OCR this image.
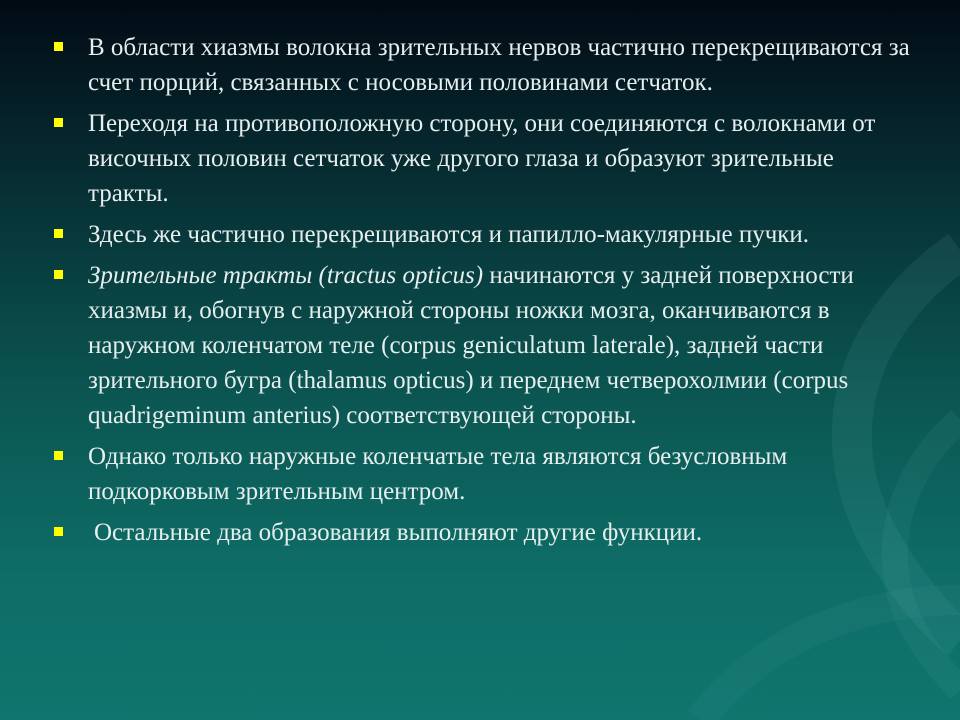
В области хиазмы волокна зрительных нервов частично перекрещиваются за счет порций, связанных с носовыми половинами сетчаток.
Переходя на противоположную сторону, они соединяются с волокнами от височных половин сетчаток уже другого глаза и образуют зрительные тракты.
Здесь же частично перекрещиваются и папилло-макулярные пучки.
Зрительные тракты (tractus opticus) начинаются у задней поверхности хиазмы и, обогнув с наружной стороны ножки мозга, оканчиваются в наружном коленчатом теле (corpus geniculatum laterale), задней части зрительного бугра (thalamus opticus) и переднем четверохолмии (corpus quadrigeminum anterius) соответствующей стороны.
Однако только наружные коленчатые тела являются безусловным подкорковым зрительным центром.
Остальные два образования выполняют другие функции.
